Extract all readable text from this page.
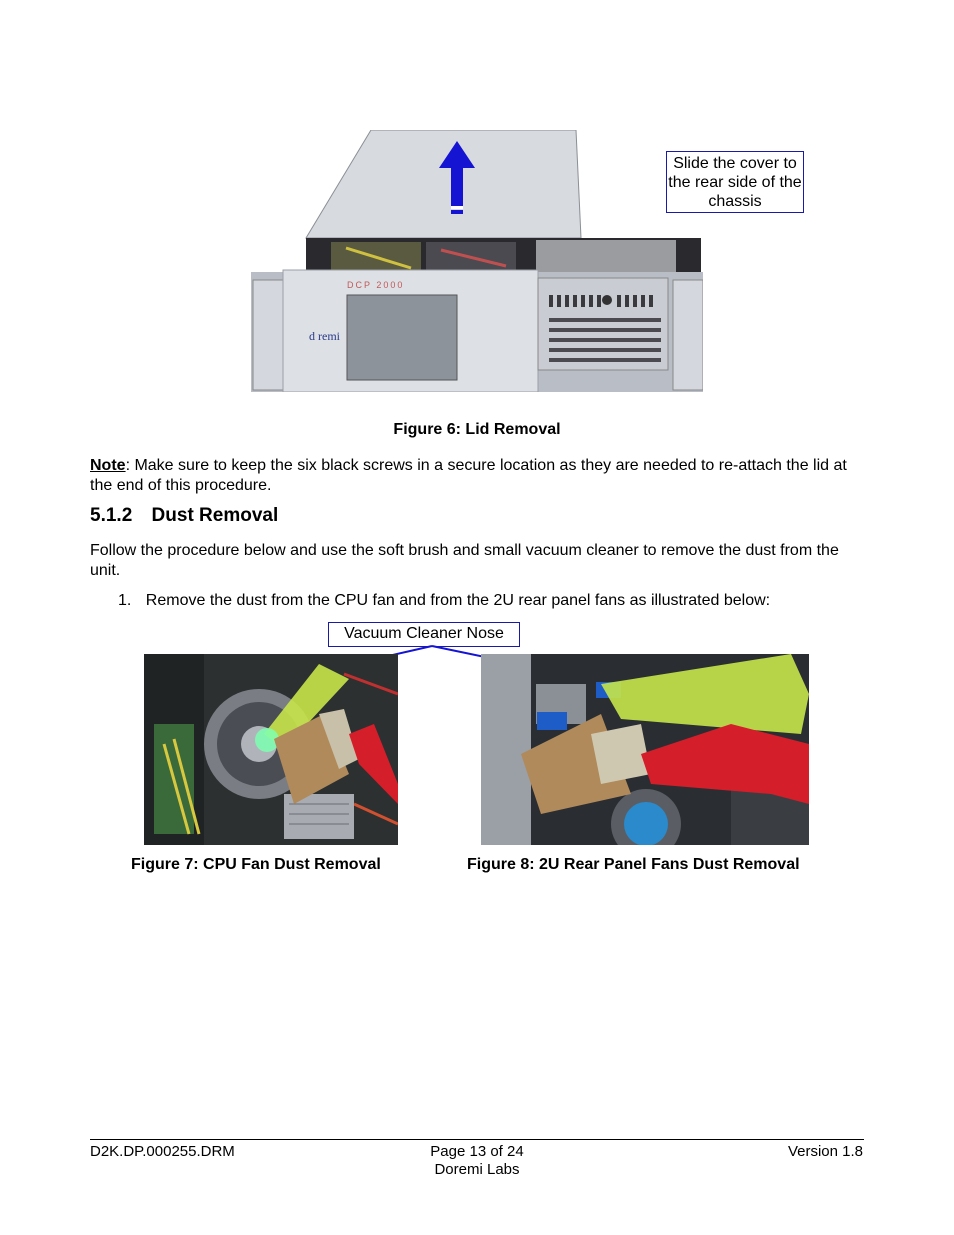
DCP 2000
d remi
Slide the cover to the rear side of the chassis
Figure 6: Lid Removal
Note: Make sure to keep the six black screws in a secure location as they are needed to re-attach the lid at the end of this procedure.
5.1.2 Dust Removal
Follow the procedure below and use the soft brush and small vacuum cleaner to remove the dust from the unit.
1. Remove the dust from the CPU fan and from the 2U rear panel fans as illustrated below:
Vacuum Cleaner Nose
Figure 7: CPU Fan Dust Removal	Figure 8: 2U Rear Panel Fans Dust Removal
D2K.DP.000255.DRM	Page 13 of 24
Doremi Labs
Version 1.8
